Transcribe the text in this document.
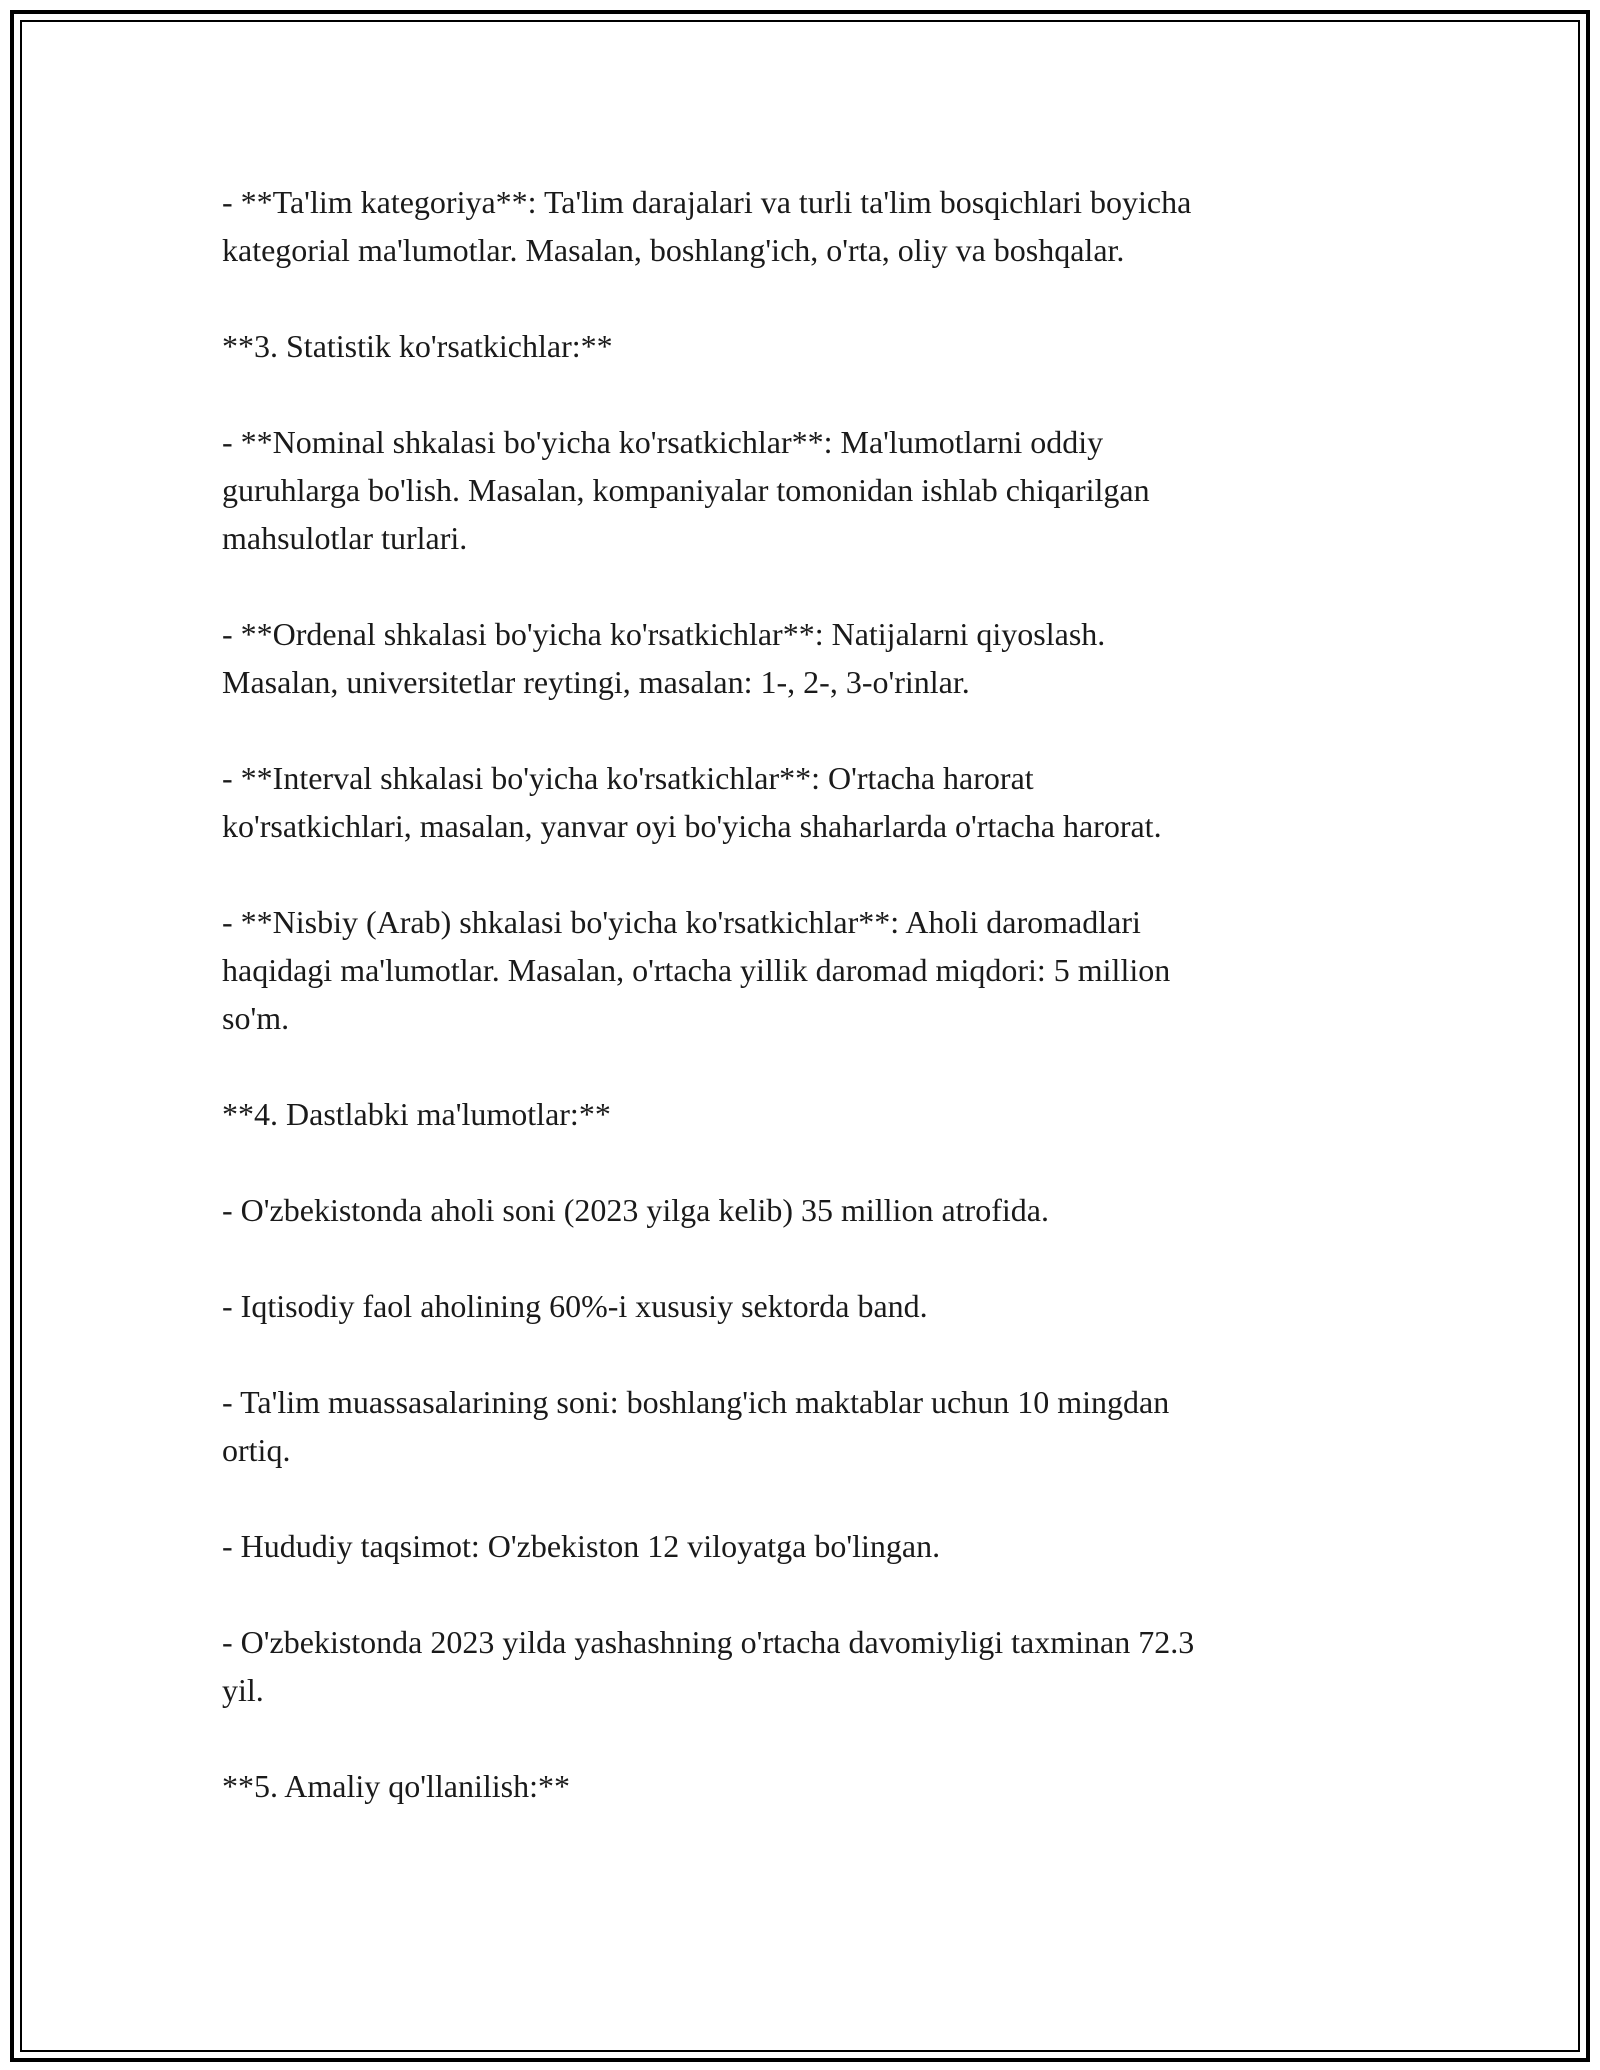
- **Ta'lim kategoriya**: Ta'lim darajalari va turli ta'lim bosqichlari boyicha
kategorial ma'lumotlar. Masalan, boshlang'ich, o'rta, oliy va boshqalar.

**3. Statistik ko'rsatkichlar:**

- **Nominal shkalasi bo'yicha ko'rsatkichlar**: Ma'lumotlarni oddiy
guruhlarga bo'lish. Masalan, kompaniyalar tomonidan ishlab chiqarilgan
mahsulotlar turlari.

- **Ordenal shkalasi bo'yicha ko'rsatkichlar**: Natijalarni qiyoslash.
Masalan, universitetlar reytingi, masalan: 1-, 2-, 3-o'rinlar.

- **Interval shkalasi bo'yicha ko'rsatkichlar**: O'rtacha harorat
ko'rsatkichlari, masalan, yanvar oyi bo'yicha shaharlarda o'rtacha harorat.

- **Nisbiy (Arab) shkalasi bo'yicha ko'rsatkichlar**: Aholi daromadlari
haqidagi ma'lumotlar. Masalan, o'rtacha yillik daromad miqdori: 5 million
so'm.

**4. Dastlabki ma'lumotlar:**

- O'zbekistonda aholi soni (2023 yilga kelib) 35 million atrofida.

- Iqtisodiy faol aholining 60%-i xususiy sektorda band.

- Ta'lim muassasalarining soni: boshlang'ich maktablar uchun 10 mingdan
ortiq.

- Hududiy taqsimot: O'zbekiston 12 viloyatga bo'lingan.

- O'zbekistonda 2023 yilda yashashning o'rtacha davomiyligi taxminan 72.3
yil.

**5. Amaliy qo'llanilish:**
